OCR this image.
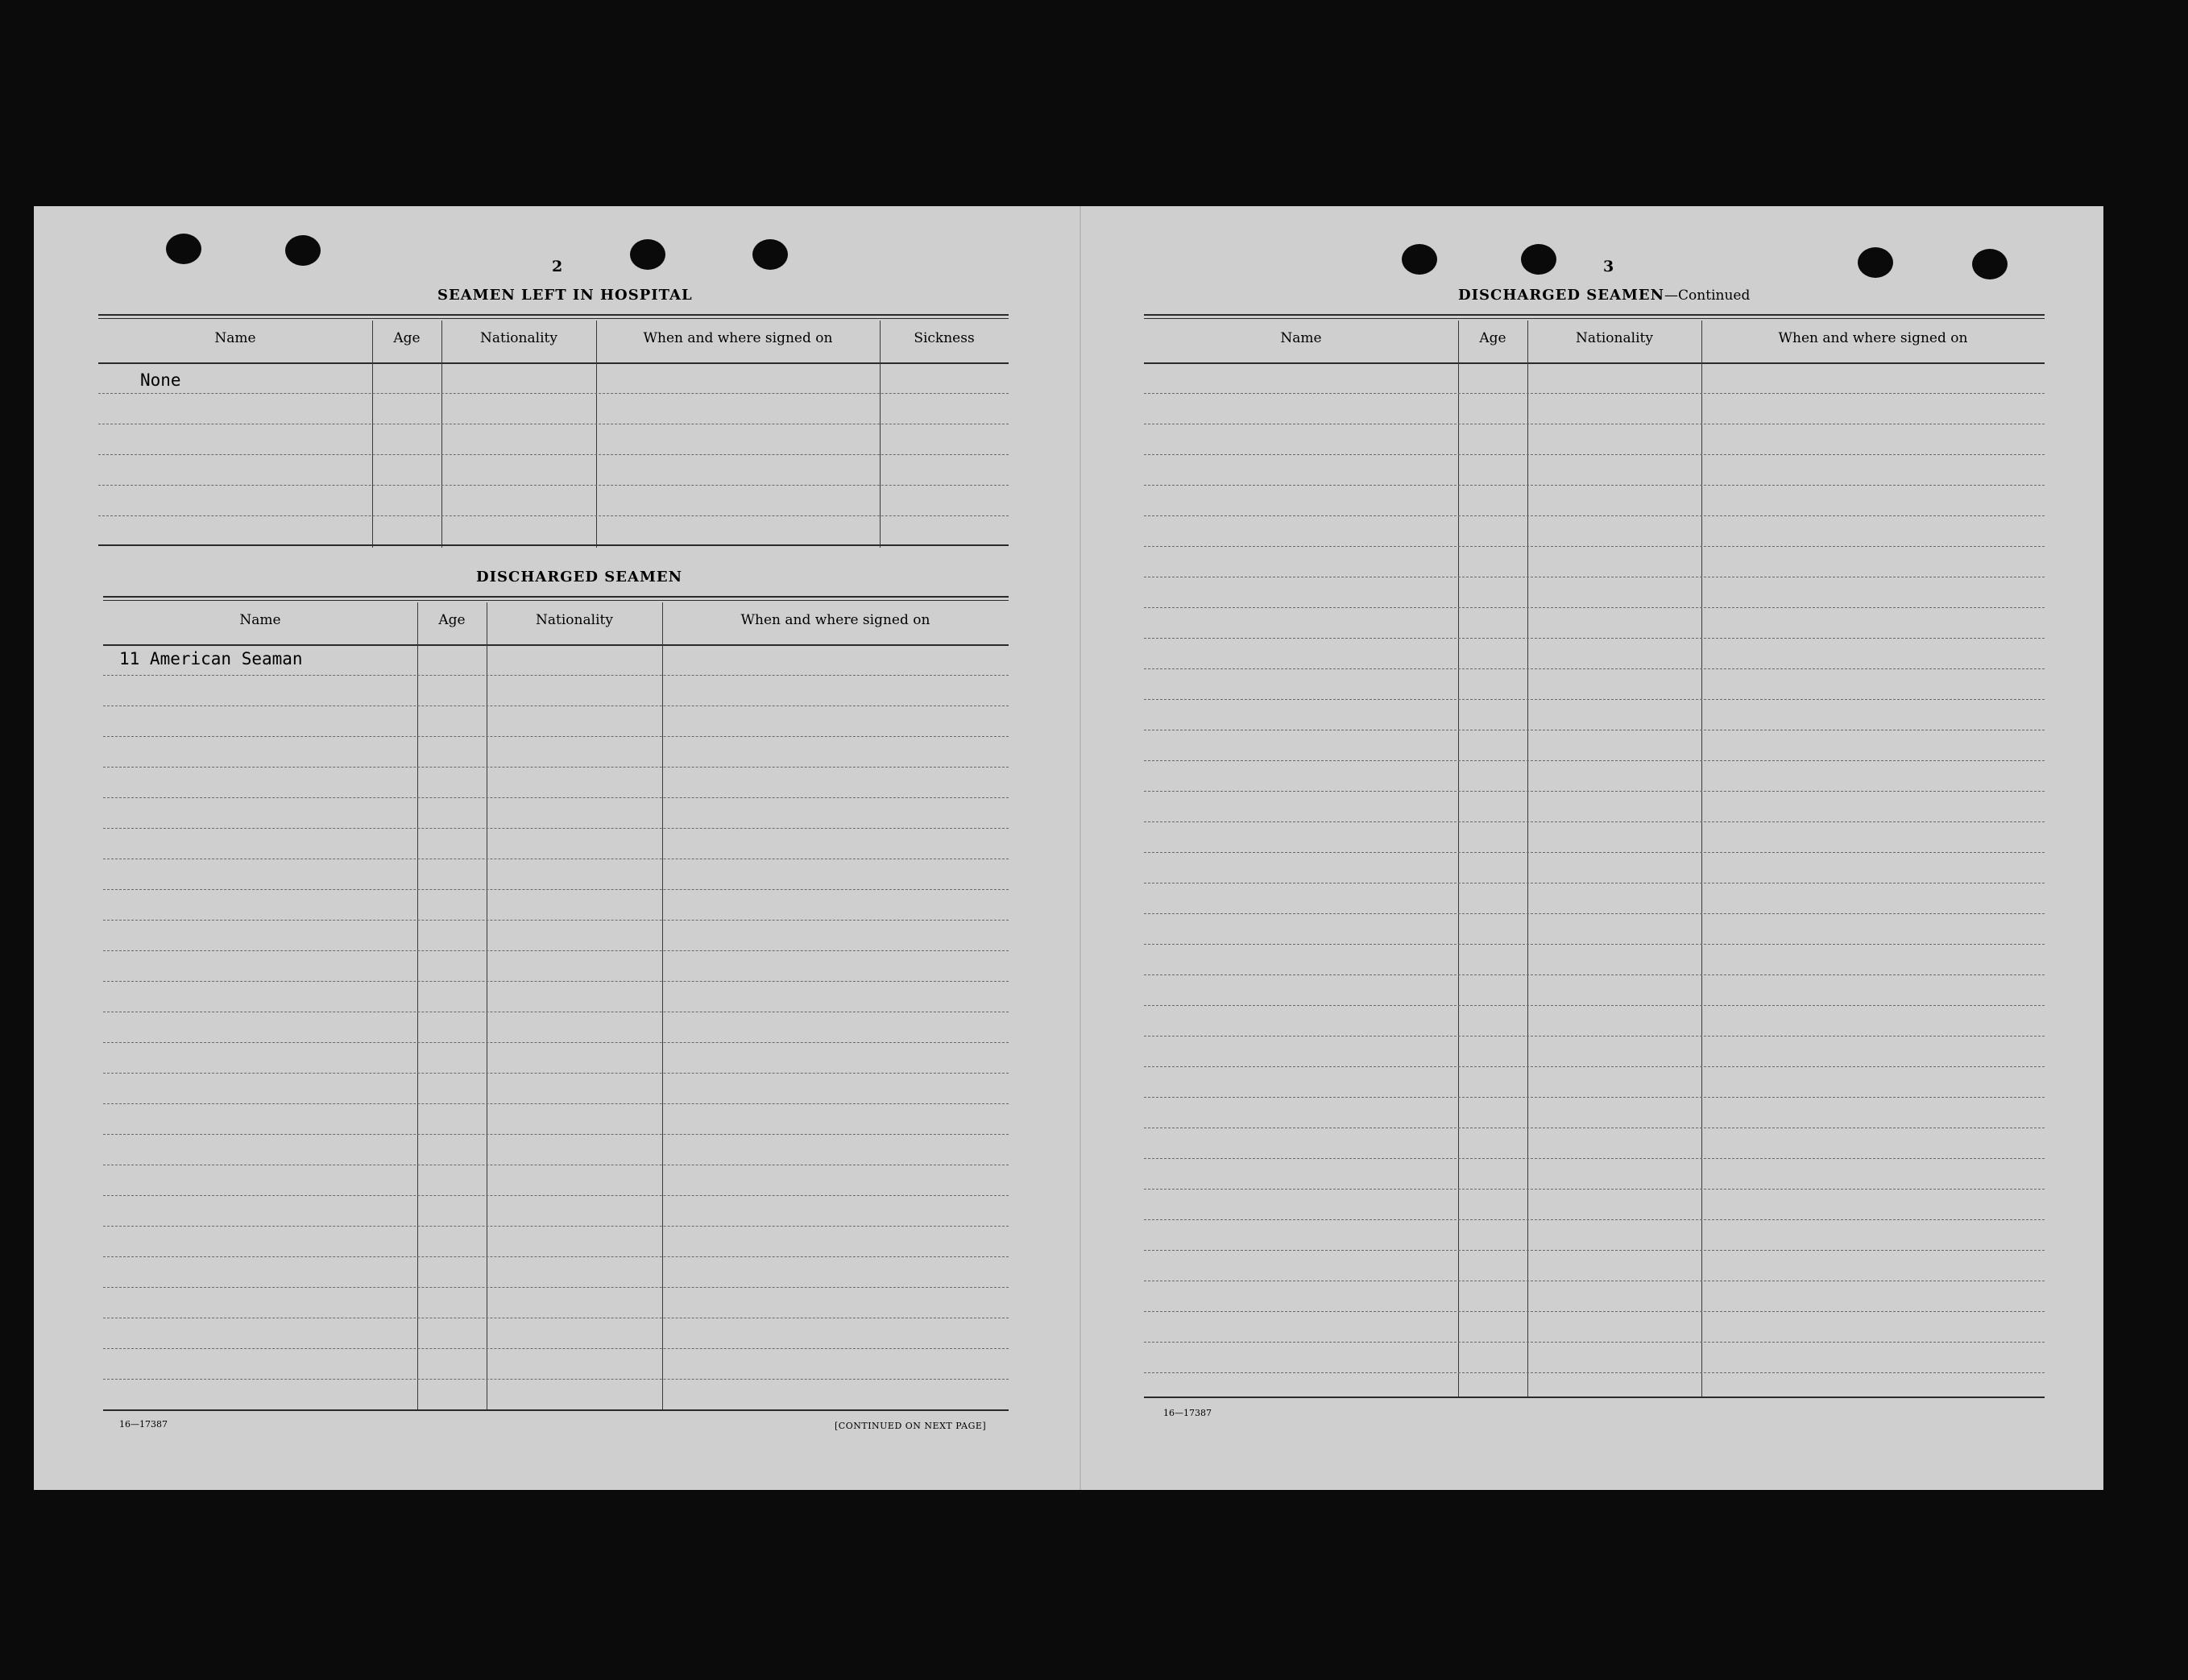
2
SEAMEN LEFT IN HOSPITAL
Name	Age	Nationality	When and where signed on	Sickness
None
DISCHARGED SEAMEN
Name	Age	Nationality	When and where signed on
11 American Seaman
16—17387	[CONTINUED ON NEXT PAGE]
3
DISCHARGED SEAMEN—Continued
Name	Age	Nationality	When and where signed on
16—17387
